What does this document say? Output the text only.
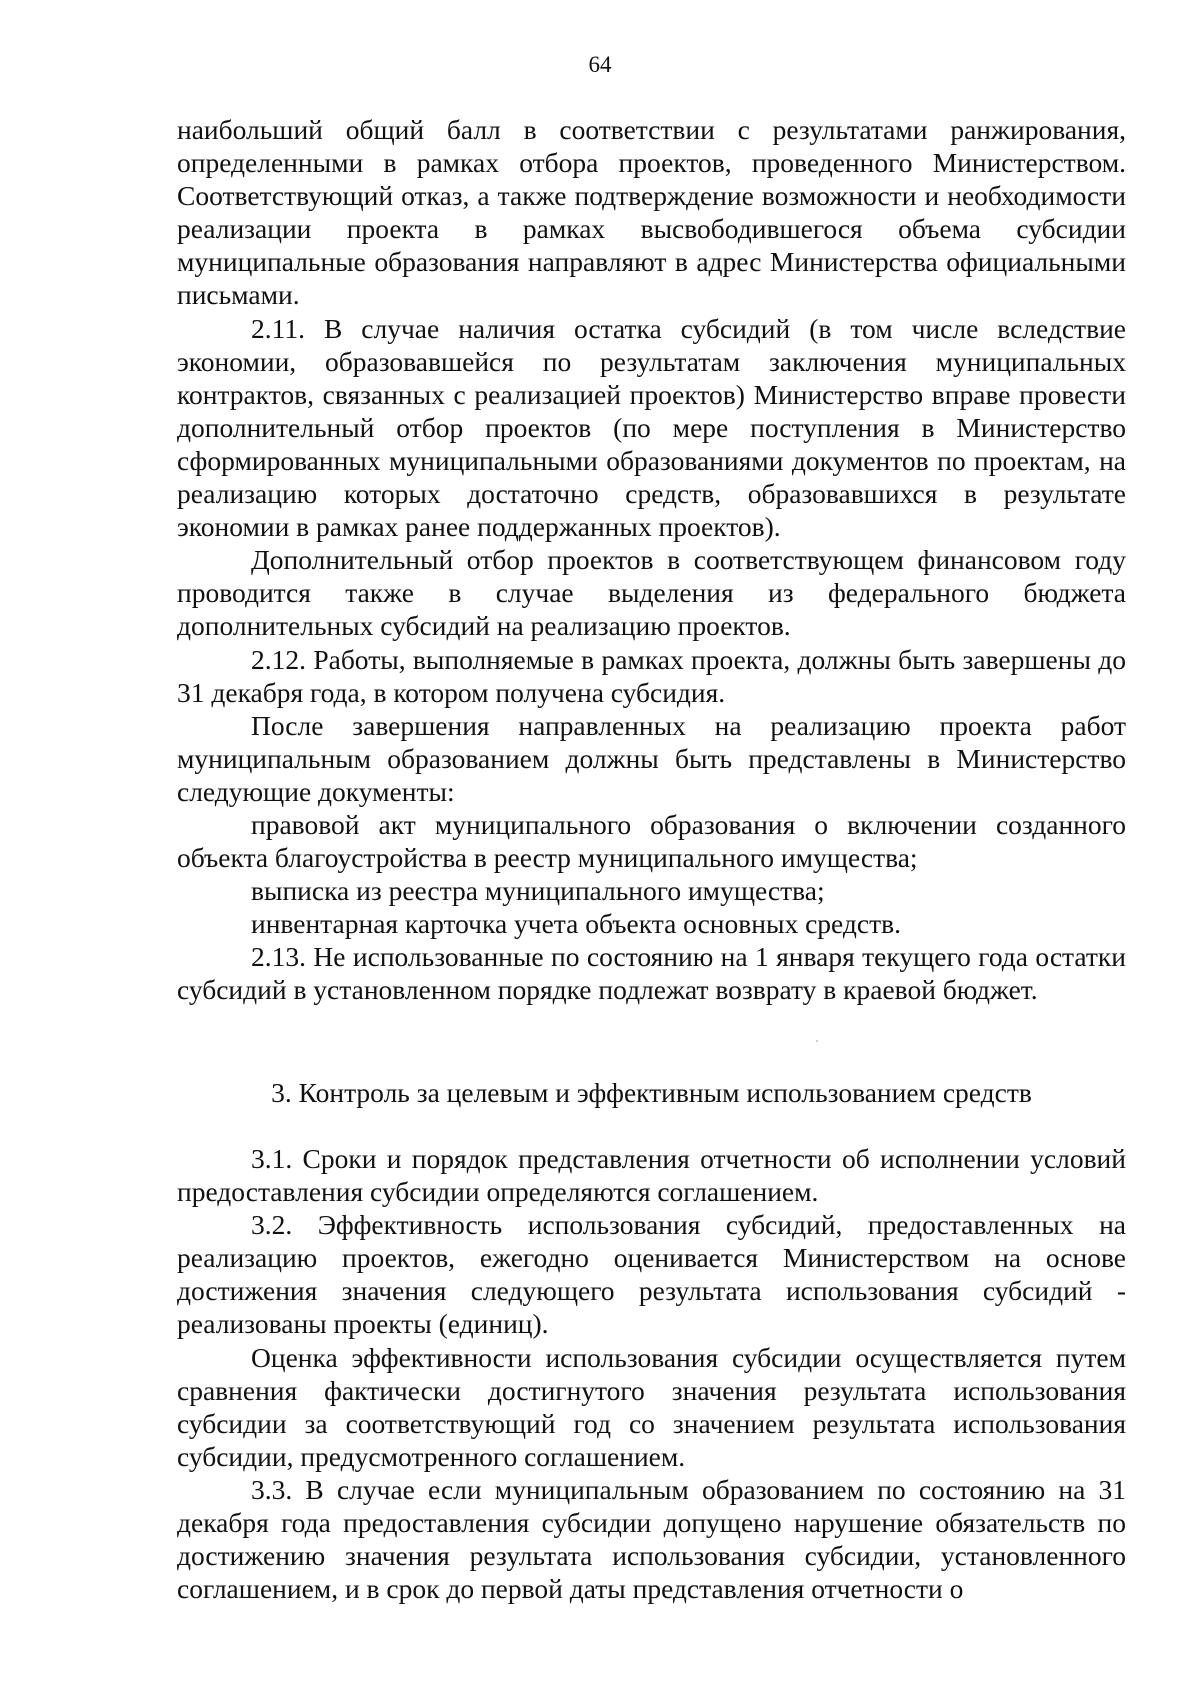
64

наибольший общий балл в соответствии с результатами ранжирования, определенными в рамках отбора проектов, проведенного Министерством. Соответствующий отказ, а также подтверждение возможности и необходимости реализации проекта в рамках высвободившегося объема субсидии муниципальные образования направляют в адрес Министерства официальными письмами.

2.11. В случае наличия остатка субсидий (в том числе вследствие экономии, образовавшейся по результатам заключения муниципальных контрактов, связанных с реализацией проектов) Министерство вправе провести дополнительный отбор проектов (по мере поступления в Министерство сформированных муниципальными образованиями документов по проектам, на реализацию которых достаточно средств, образовавшихся в результате экономии в рамках ранее поддержанных проектов).

Дополнительный отбор проектов в соответствующем финансовом году проводится также в случае выделения из федерального бюджета дополнительных субсидий на реализацию проектов.

2.12. Работы, выполняемые в рамках проекта, должны быть завершены до 31 декабря года, в котором получена субсидия.

После завершения направленных на реализацию проекта работ муниципальным образованием должны быть представлены в Министерство следующие документы:

правовой акт муниципального образования о включении созданного объекта благоустройства в реестр муниципального имущества;

выписка из реестра муниципального имущества;

инвентарная карточка учета объекта основных средств.

2.13. Не использованные по состоянию на 1 января текущего года остатки субсидий в установленном порядке подлежат возврату в краевой бюджет.

3. Контроль за целевым и эффективным использованием средств

3.1. Сроки и порядок представления отчетности об исполнении условий предоставления субсидии определяются соглашением.

3.2. Эффективность использования субсидий, предоставленных на реализацию проектов, ежегодно оценивается Министерством на основе достижения значения следующего результата использования субсидий - реализованы проекты (единиц).

Оценка эффективности использования субсидии осуществляется путем сравнения фактически достигнутого значения результата использования субсидии за соответствующий год со значением результата использования субсидии, предусмотренного соглашением.

3.3. В случае если муниципальным образованием по состоянию на 31 декабря года предоставления субсидии допущено нарушение обязательств по достижению значения результата использования субсидии, установленного соглашением, и в срок до первой даты представления отчетности о
